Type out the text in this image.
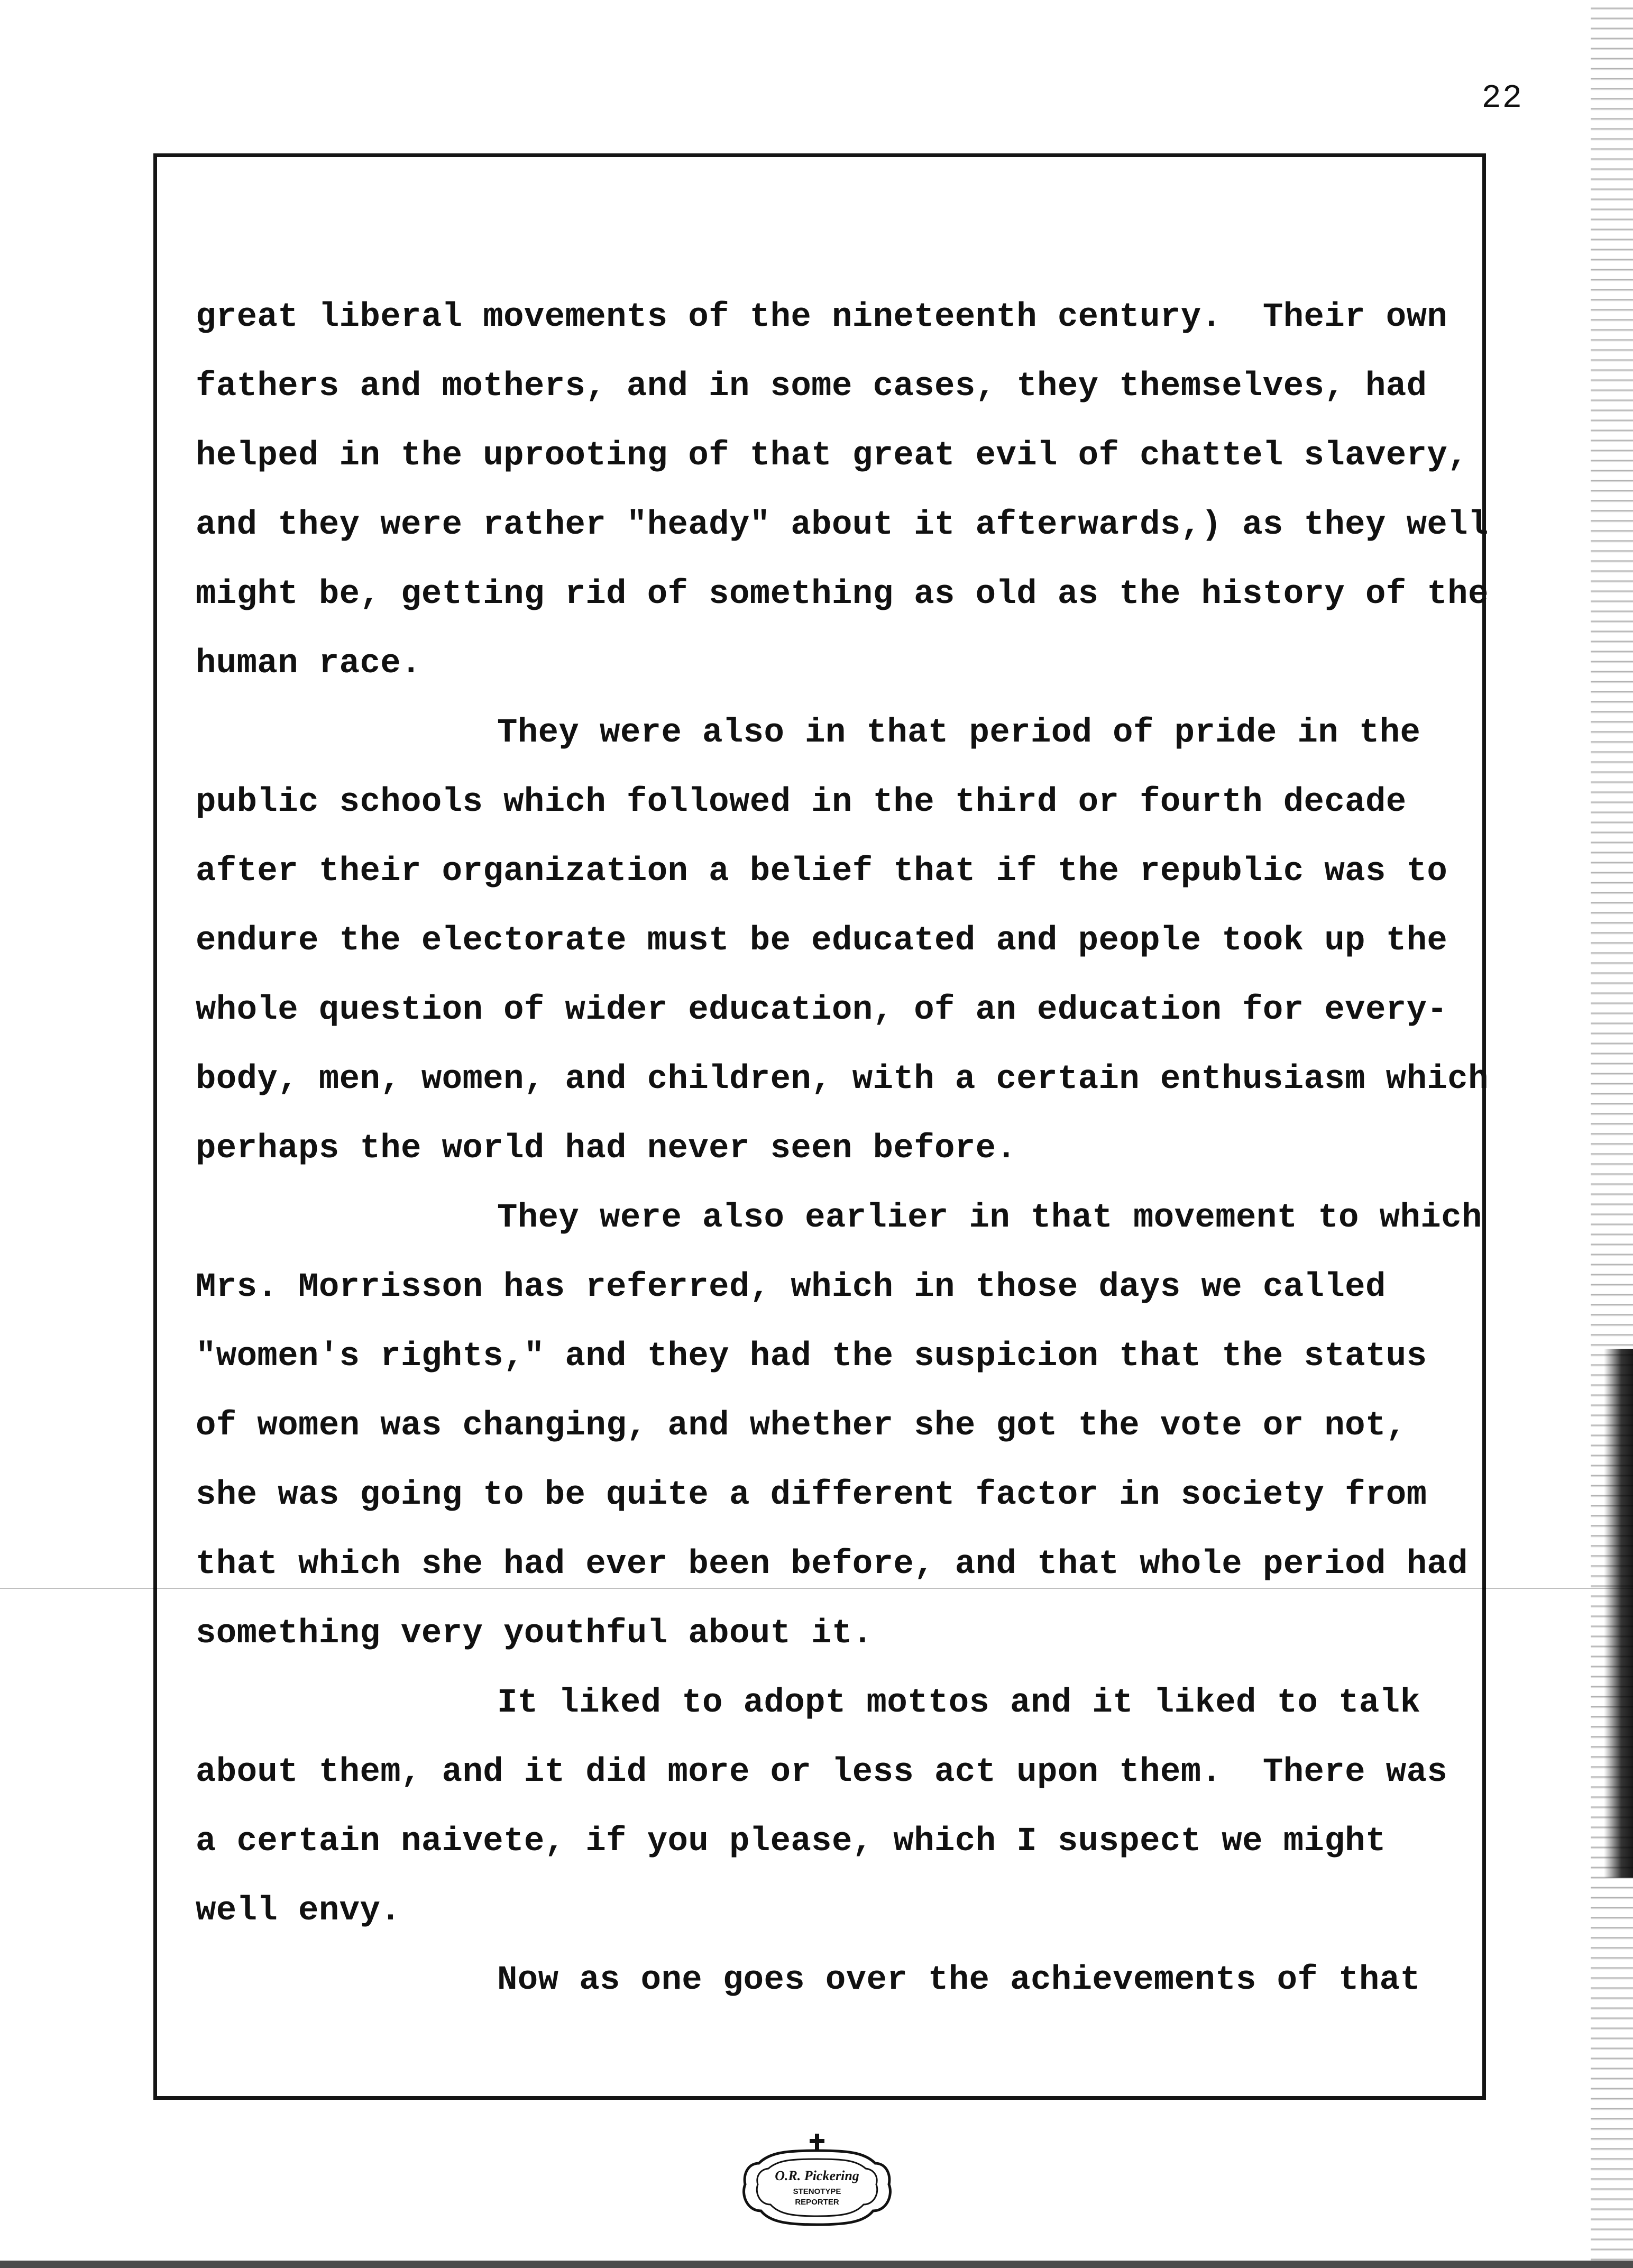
22
great liberal movements of the nineteenth century.  Their own
fathers and mothers, and in some cases, they themselves, had
helped in the uprooting of that great evil of chattel slavery,
and they were rather "heady" about it afterwards,) as they well
might be, getting rid of something as old as the history of the
human race.
They were also in that period of pride in the
public schools which followed in the third or fourth decade
after their organization a belief that if the republic was to
endure the electorate must be educated and people took up the
whole question of wider education, of an education for every-
body, men, women, and children, with a certain enthusiasm which
perhaps the world had never seen before.
They were also earlier in that movement to which
Mrs. Morrisson has referred, which in those days we called
"women's rights," and they had the suspicion that the status
of women was changing, and whether she got the vote or not,
she was going to be quite a different factor in society from
that which she had ever been before, and that whole period had
something very youthful about it.
It liked to adopt mottos and it liked to talk
about them, and it did more or less act upon them.  There was
a certain naivete, if you please, which I suspect we might
well envy.
Now as one goes over the achievements of that
O.R. Pickering
STENOTYPE
REPORTER
